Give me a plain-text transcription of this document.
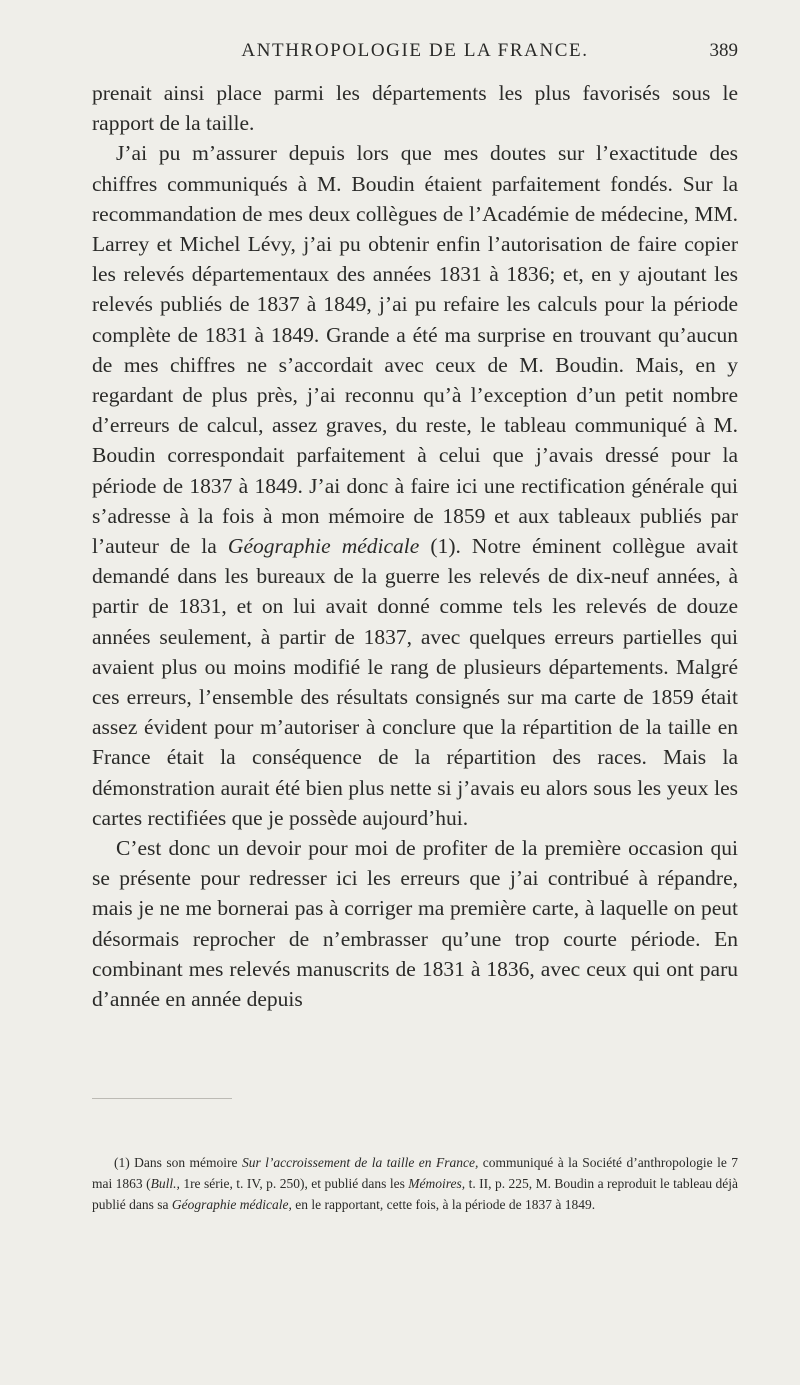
ANTHROPOLOGIE DE LA FRANCE.	389

prenait ainsi place parmi les départements les plus favorisés sous le rapport de la taille.

J’ai pu m’assurer depuis lors que mes doutes sur l’exactitude des chiffres communiqués à M. Boudin étaient parfaitement fondés. Sur la recommandation de mes deux collègues de l’Académie de médecine, MM. Larrey et Michel Lévy, j’ai pu obtenir enfin l’autorisation de faire copier les relevés départementaux des années 1831 à 1836; et, en y ajoutant les relevés publiés de 1837 à 1849, j’ai pu refaire les calculs pour la période complète de 1831 à 1849. Grande a été ma surprise en trouvant qu’aucun de mes chiffres ne s’accordait avec ceux de M. Boudin. Mais, en y regardant de plus près, j’ai reconnu qu’à l’exception d’un petit nombre d’erreurs de calcul, assez graves, du reste, le tableau communiqué à M. Boudin correspondait parfaitement à celui que j’avais dressé pour la période de 1837 à 1849. J’ai donc à faire ici une rectification générale qui s’adresse à la fois à mon mémoire de 1859 et aux tableaux publiés par l’auteur de la Géographie médicale (1). Notre éminent collègue avait demandé dans les bureaux de la guerre les relevés de dix-neuf années, à partir de 1831, et on lui avait donné comme tels les relevés de douze années seulement, à partir de 1837, avec quelques erreurs partielles qui avaient plus ou moins modifié le rang de plusieurs départements. Malgré ces erreurs, l’ensemble des résultats consignés sur ma carte de 1859 était assez évident pour m’autoriser à conclure que la répartition de la taille en France était la conséquence de la répartition des races. Mais la démonstration aurait été bien plus nette si j’avais eu alors sous les yeux les cartes rectifiées que je possède aujourd’hui.

C’est donc un devoir pour moi de profiter de la première occasion qui se présente pour redresser ici les erreurs que j’ai contribué à répandre, mais je ne me bornerai pas à corriger ma première carte, à laquelle on peut désormais reprocher de n’embrasser qu’une trop courte période. En combinant mes relevés manuscrits de 1831 à 1836, avec ceux qui ont paru d’année en année depuis

(1) Dans son mémoire Sur l’accroissement de la taille en France, communiqué à la Société d’anthropologie le 7 mai 1863 (Bull., 1re série, t. IV, p. 250), et publié dans les Mémoires, t. II, p. 225, M. Boudin a reproduit le tableau déjà publié dans sa Géographie médicale, en le rapportant, cette fois, à la période de 1837 à 1849.
